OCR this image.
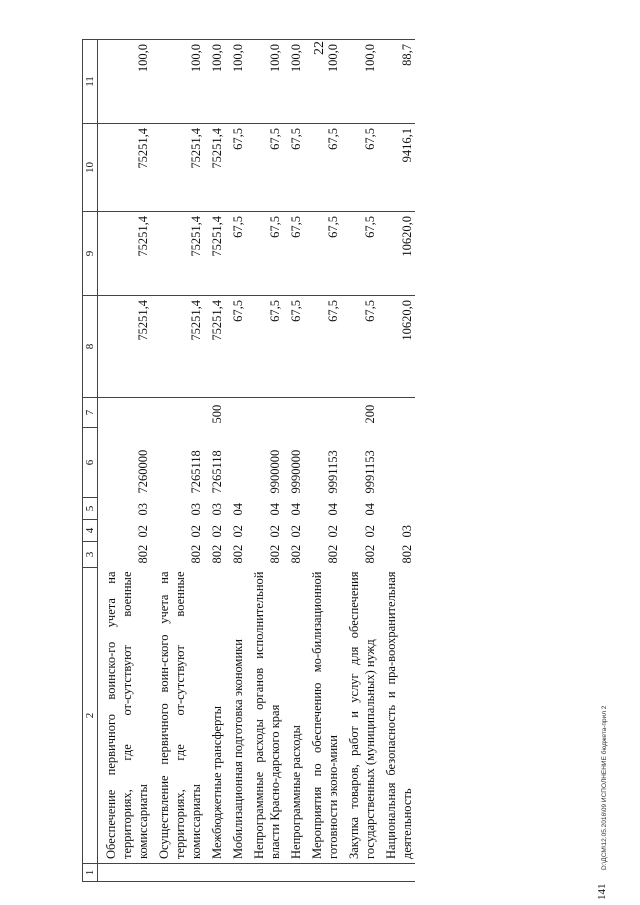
22
1	2	3	4	5	6	7	8	9	10	11
	Обеспечение первичного воинско-го учета на территориях, где от-сутствуют военные комиссариаты	802	02	03	7260000		75251,4	75251,4	75251,4	100,0
	Осуществление первичного воин-ского учета на территориях, где от-сутствуют военные комиссариаты	802	02	03	7265118		75251,4	75251,4	75251,4	100,0
	Межбюджетные трансферты	802	02	03	7265118	500	75251,4	75251,4	75251,4	100,0
	Мобилизационная подготовка экономики	802	02	04			67,5	67,5	67,5	100,0
	Непрограммные расходы органов исполнительной власти Красно-дарского края	802	02	04	9900000		67,5	67,5	67,5	100,0
	Непрограммные расходы	802	02	04	9990000		67,5	67,5	67,5	100,0
	Мероприятия по обеспечению мо-билизационной готовности эконо-мики	802	02	04	9991153		67,5	67,5	67,5	100,0
	Закупка товаров, работ и услуг для обеспечения государственных (муниципальных) нужд	802	02	04	9991153	200	67,5	67,5	67,5	100,0
	Национальная безопасность и пра-воохранительная деятельность	802	03				10620,0	10620,0	9416,1	88,7
D:\ДСМ\12.05.2016\09 ИСПОЛНЕНИЕ бюджета-прил 2
141
